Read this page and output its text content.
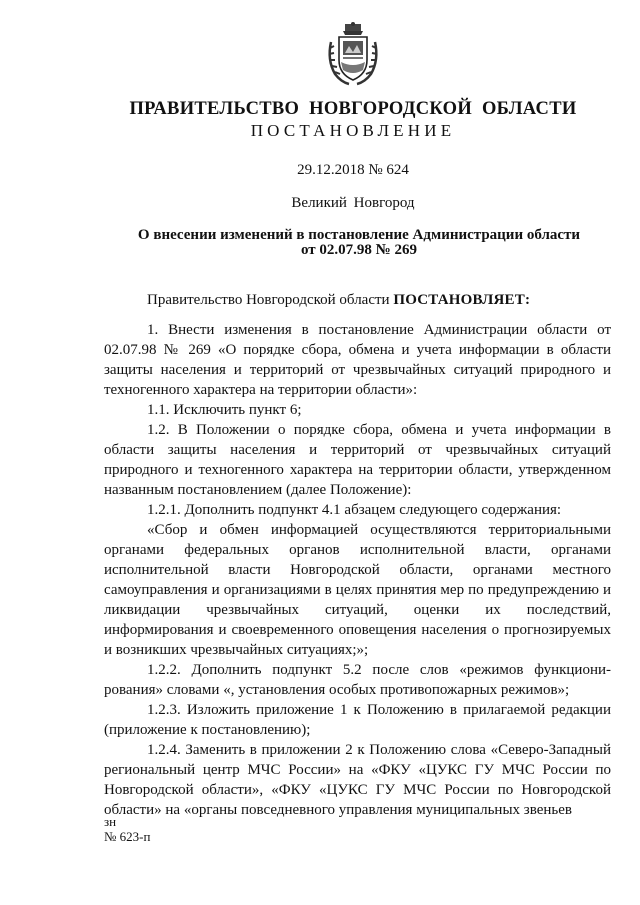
ПРАВИТЕЛЬСТВО НОВГОРОДСКОЙ ОБЛАСТИ
ПОСТАНОВЛЕНИЕ
29.12.2018 № 624
Великий Новгород
О внесении изменений в постановление Администрации области
от 02.07.98 № 269

Правительство Новгородской области ПОСТАНОВЛЯЕТ:

1. Внести изменения в постановление Администрации области от 02.07.98 № 269 «О порядке сбора, обмена и учета информации в области защиты населения и территорий от чрезвычайных ситуаций природного и техногенного характера на территории области»:

1.1. Исключить пункт 6;

1.2. В Положении о порядке сбора, обмена и учета информации в области защиты населения и территорий от чрезвычайных ситуаций природного и техногенного характера на территории области, утвержденном названным постановлением (далее Положение):

1.2.1. Дополнить подпункт 4.1 абзацем следующего содержания:

«Сбор и обмен информацией осуществляются территориальными органами федеральных органов исполнительной власти, органами исполнительной власти Новгородской области, органами местного самоуправления и организациями в целях принятия мер по предупреждению и ликвидации чрезвычайных ситуаций, оценки их последствий, информирования и своевременного оповещения населения о прогнозируемых и возникших чрезвычайных ситуациях;»;

1.2.2. Дополнить подпункт 5.2 после слов «режимов функциони-рования» словами «, установления особых противопожарных режимов»;

1.2.3. Изложить приложение 1 к Положению в прилагаемой редакции (приложение к постановлению);

1.2.4. Заменить в приложении 2 к Положению слова «Северо-Западный региональный центр МЧС России» на «ФКУ «ЦУКС ГУ МЧС России по Новгородской области», «ФКУ «ЦУКС ГУ МЧС России по Новгородской области» на «органы повседневного управления муниципальных звеньев

зн
№ 623-п
